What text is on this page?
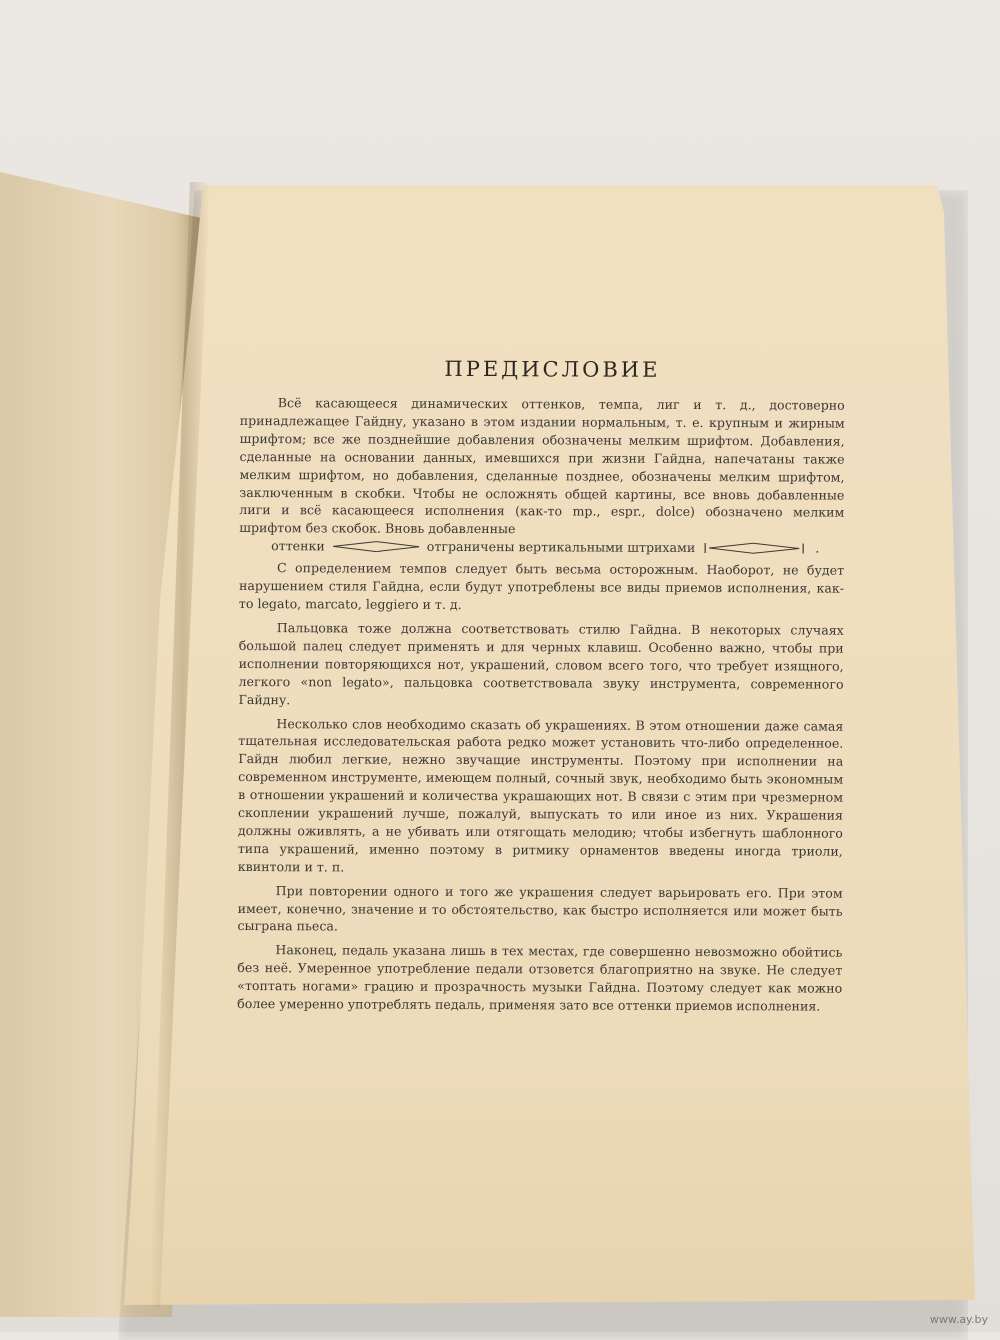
ПРЕДИСЛОВИЕ

Всё касающееся динамических оттенков, темпа, лиг и т. д., достоверно принадлежащее Гайдну, указано в этом издании нормальным, т. е. крупным и жирным шрифтом; все же позднейшие добавления обозначены мелким шрифтом. Добавления, сделанные на основании данных, имевшихся при жизни Гайдна, напечатаны также мелким шрифтом, но добавления, сделанные позднее, обозначены мелким шрифтом, заключенным в скобки. Чтобы не осложнять общей картины, все вновь добавленные лиги и всё касающееся исполнения (как-то mp., espr., dolce) обозначено мелким шрифтом без скобок. Вновь добавленные

оттенки	отграничены вертикальными штрихами	.

С определением темпов следует быть весьма осторожным. Наоборот, не будет нарушением стиля Гайдна, если будут употреблены все виды приемов исполнения, как-то legato, marcato, leggiero и т. д.

Пальцовка тоже должна соответствовать стилю Гайдна. В некоторых случаях большой палец следует применять и для черных клавиш. Особенно важно, чтобы при исполнении повторяющихся нот, украшений, словом всего того, что требует изящного, легкого «non legato», пальцовка соответствовала звуку инструмента, современного Гайдну.

Несколько слов необходимо сказать об украшениях. В этом отношении даже самая тщательная исследовательская работа редко может установить что-либо определенное. Гайдн любил легкие, нежно звучащие инструменты. Поэтому при исполнении на современном инструменте, имеющем полный, сочный звук, необходимо быть экономным в отношении украшений и количества украшающих нот. В связи с этим при чрезмерном скоплении украшений лучше, пожалуй, выпускать то или иное из них. Украшения должны оживлять, а не убивать или отягощать мелодию; чтобы избегнуть шаблонного типа украшений, именно поэтому в ритмику орнаментов введены иногда триоли, квинтоли и т. п.

При повторении одного и того же украшения следует варьировать его. При этом имеет, конечно, значение и то обстоятельство, как быстро исполняется или может быть сыграна пьеса.

Наконец, педаль указана лишь в тех местах, где совершенно невозможно обойтись без неё. Умеренное употребление педали отзовется благоприятно на звуке. Не следует «топтать ногами» грацию и прозрачность музыки Гайдна. Поэтому следует как можно более умеренно употреблять педаль, применяя зато все оттенки приемов исполнения.

www.ay.by
